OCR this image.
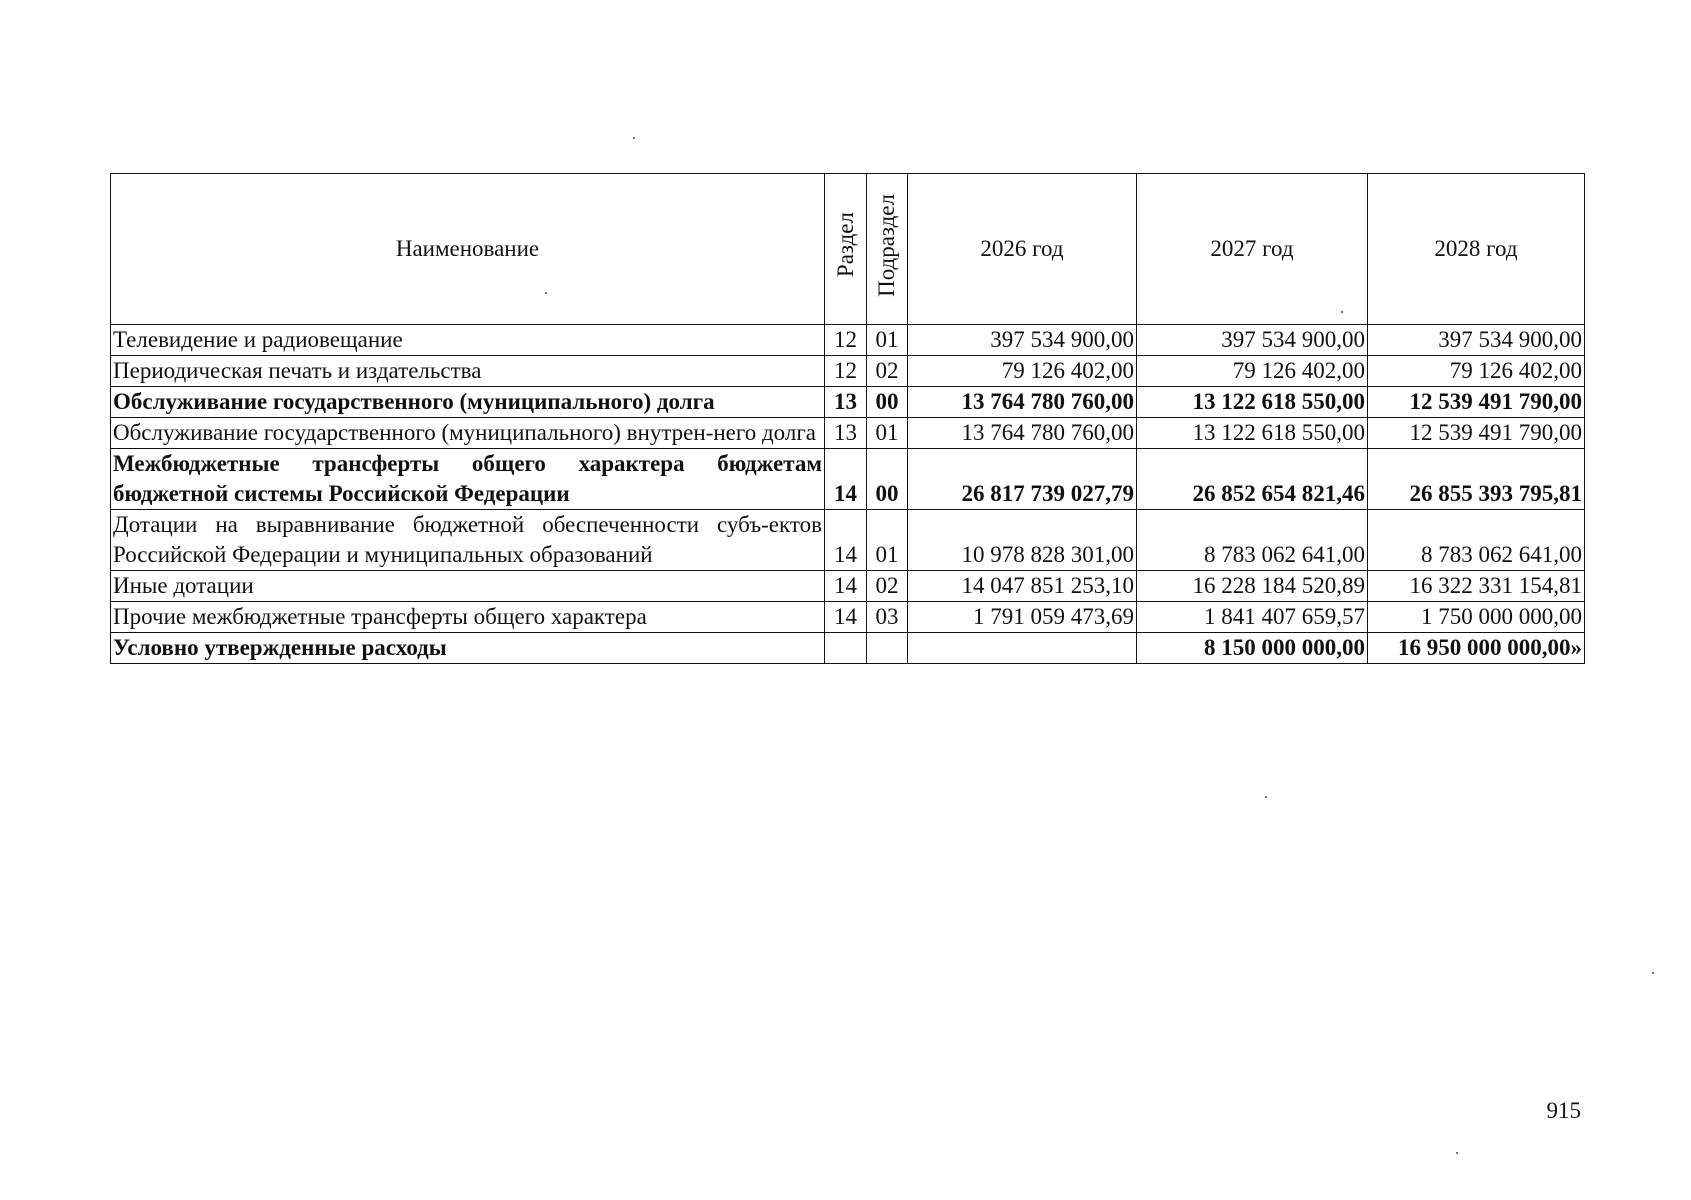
Наименование	Раздел	Подраздел	2026 год	2027 год	2028 год
Телевидение и радиовещание	12	01	397 534 900,00	397 534 900,00	397 534 900,00
Периодическая печать и издательства	12	02	79 126 402,00	79 126 402,00	79 126 402,00
Обслуживание государственного (муниципального) долга	13	00	13 764 780 760,00	13 122 618 550,00	12 539 491 790,00
Обслуживание государственного (муниципального) внутрен-него долга	13	01	13 764 780 760,00	13 122 618 550,00	12 539 491 790,00
Межбюджетные трансферты общего характера бюджетам бюджетной системы Российской Федерации	14	00	26 817 739 027,79	26 852 654 821,46	26 855 393 795,81
Дотации на выравнивание бюджетной обеспеченности субъ-ектов Российской Федерации и муниципальных образований	14	01	10 978 828 301,00	8 783 062 641,00	8 783 062 641,00
Иные дотации	14	02	14 047 851 253,10	16 228 184 520,89	16 322 331 154,81
Прочие межбюджетные трансферты общего характера	14	03	1 791 059 473,69	1 841 407 659,57	1 750 000 000,00
Условно утвержденные расходы				8 150 000 000,00	16 950 000 000,00»
915
